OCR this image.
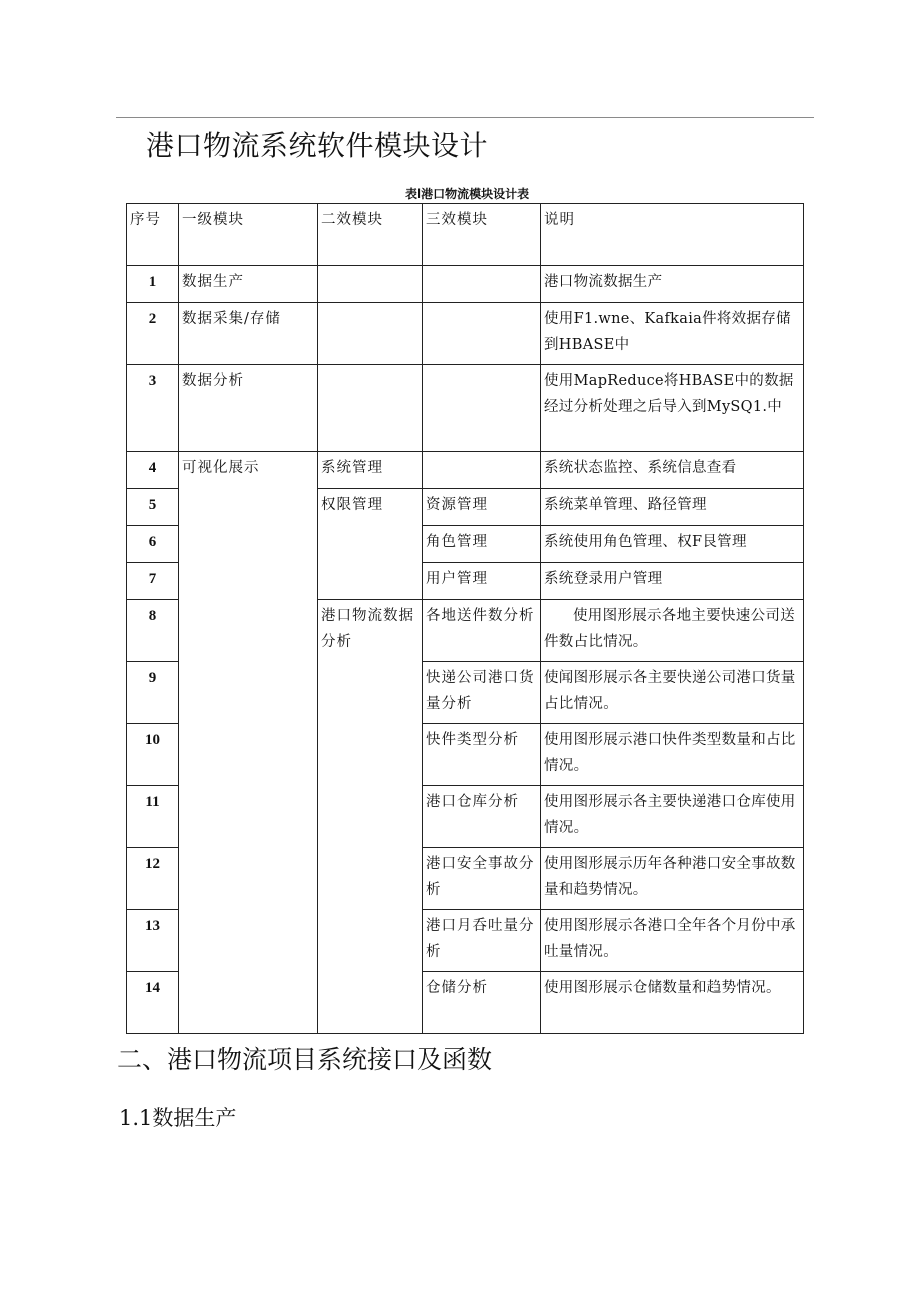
港口物流系统软件模块设计
表l港口物流模块设计表
序号	一级模块	二效模块	三效模块	说明
1	数据生产			港口物流数据生产
2	数据采集/存储			使用F1.wne、Kafkaia件将效据存储到HBASE中
3	数据分析			使用MapReduce将HBASE中的数据经过分析处理之后导入到MySQ1.中
4	可视化展示	系统管理		系统状态监控、系统信息查看
5		权限管理	资源管理	系统菜单管理、路径管理
6			角色管理	系统使用角色管理、权F艮管理
7			用户管理	系统登录用户管理
8		港口物流数据分析	各地送件数分析	使用图形展示各地主要快速公司送件数占比情况。
9			快递公司港口货量分析	使闻图形展示各主要快递公司港口货量占比情况。
10			快件类型分析	使用图形展示港口快件类型数量和占比情况。
11			港口仓库分析	使用图形展示各主要快递港口仓库使用情况。
12			港口安全事故分析	使用图形展示历年各种港口安全事故数量和趋势情况。
13			港口月呑吐量分析	使用图形展示各港口全年各个月份中承吐量情况。
14			仓储分析	使用图形展示仓储数量和趋势情况。
二、港口物流项目系统接口及函数
1.1数据生产
